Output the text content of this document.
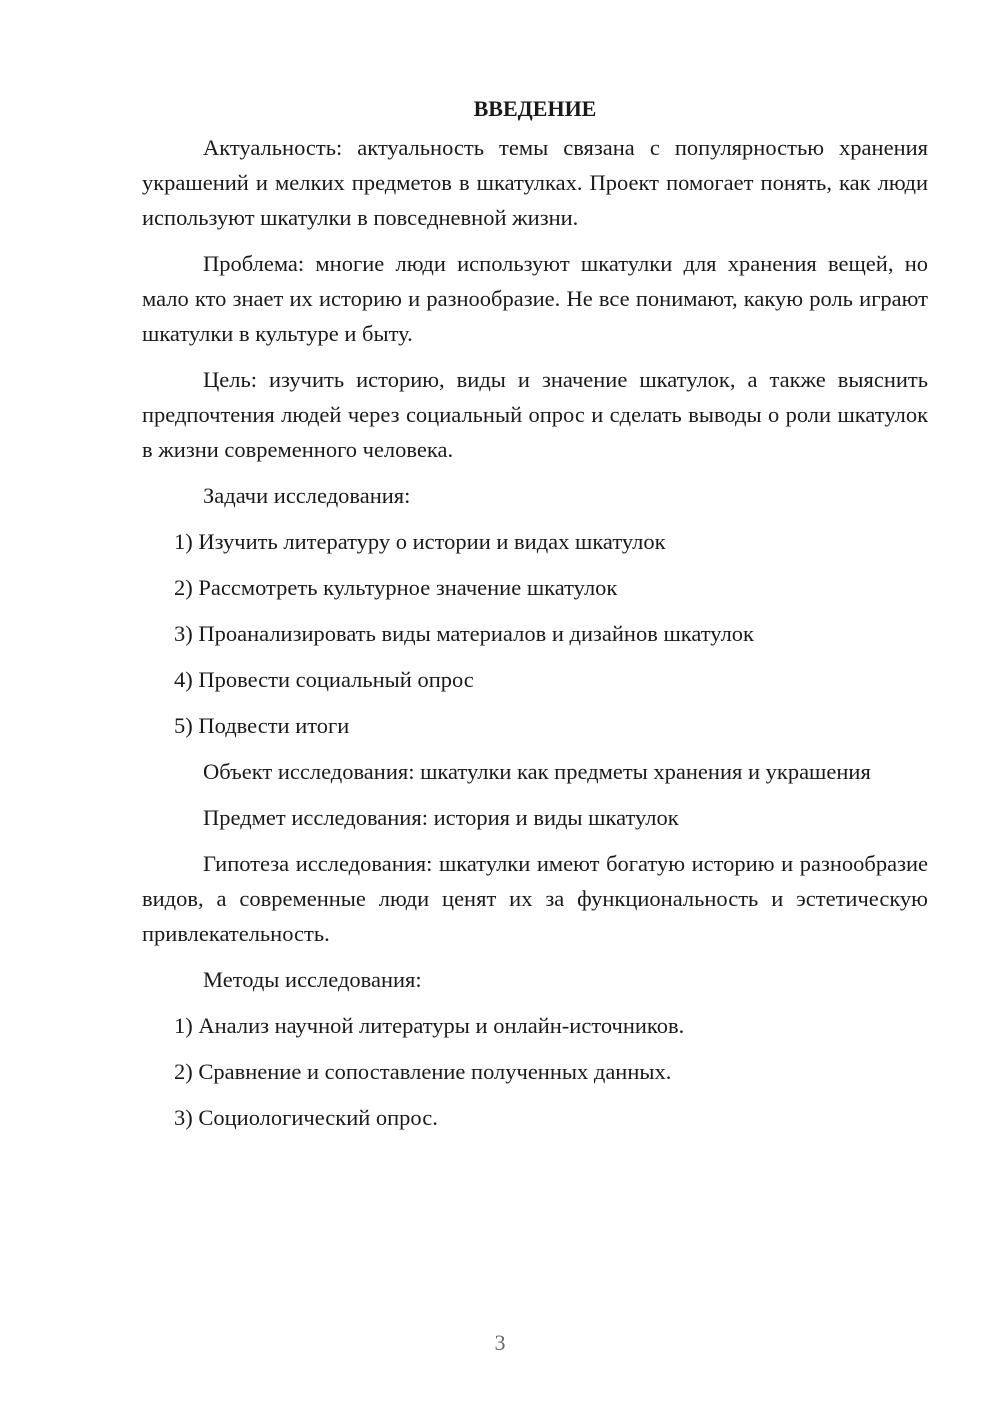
ВВЕДЕНИЕ

Актуальность: актуальность темы связана с популярностью хранения украшений и мелких предметов в шкатулках. Проект помогает понять, как люди используют шкатулки в повседневной жизни.

Проблема: многие люди используют шкатулки для хранения вещей, но мало кто знает их историю и разнообразие. Не все понимают, какую роль играют шкатулки в культуре и быту.

Цель: изучить историю, виды и значение шкатулок, а также выяснить предпочтения людей через социальный опрос и сделать выводы о роли шкатулок в жизни современного человека.

Задачи исследования:

1) Изучить литературу о истории и видах шкатулок
2) Рассмотреть культурное значение шкатулок
3) Проанализировать виды материалов и дизайнов шкатулок
4) Провести социальный опрос
5) Подвести итоги

Объект исследования: шкатулки как предметы хранения и украшения

Предмет исследования: история и виды шкатулок

Гипотеза исследования: шкатулки имеют богатую историю и разнообразие видов, а современные люди ценят их за функциональность и эстетическую привлекательность.

Методы исследования:

1) Анализ научной литературы и онлайн-источников.
2) Сравнение и сопоставление полученных данных.
3) Социологический опрос.
3
